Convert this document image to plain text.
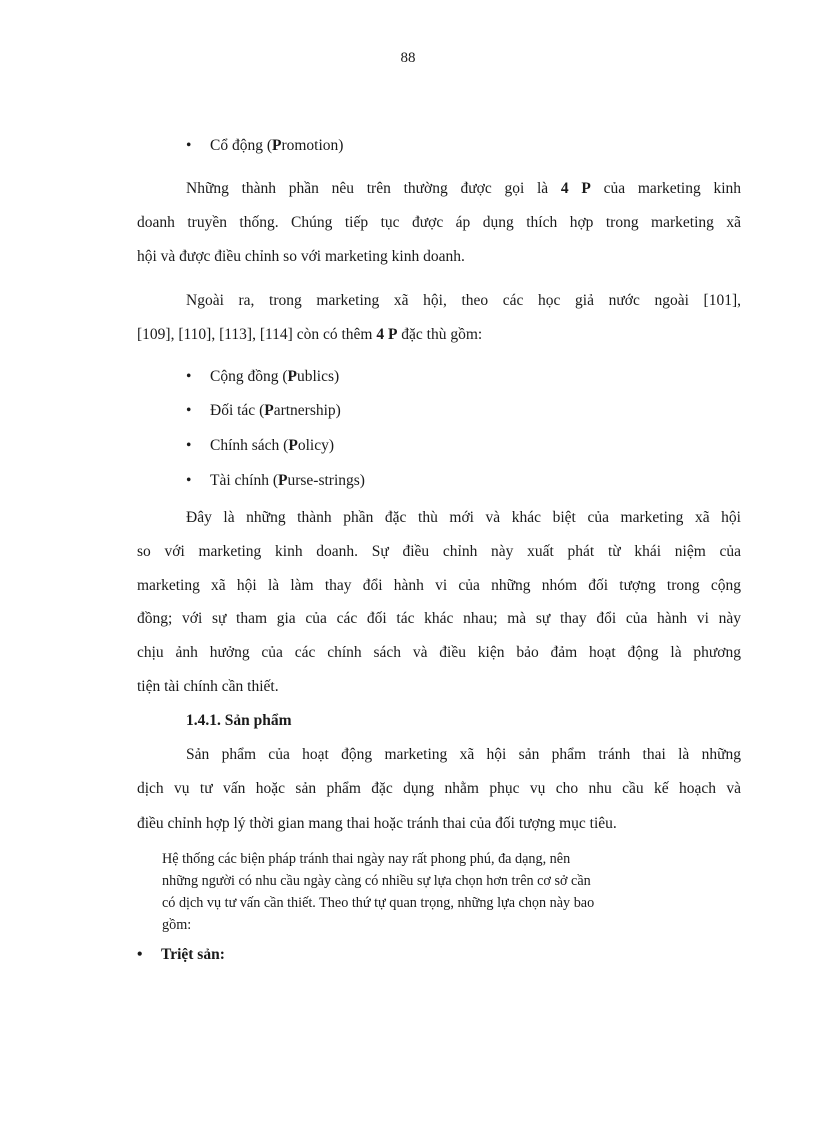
88
• Cổ động (Promotion)
Những thành phần nêu trên thường được gọi là 4 P của marketing kinh
doanh truyền thống. Chúng tiếp tục được áp dụng thích hợp trong marketing xã
hội và được điều chỉnh so với marketing kinh doanh.
Ngoài ra, trong marketing xã hội, theo các học giả nước ngoài [101],
[109], [110], [113], [114] còn có thêm 4 P đặc thù gồm:
• Cộng đồng (Publics)
• Đối tác (Partnership)
• Chính sách (Policy)
• Tài chính (Purse-strings)
Đây là những thành phần đặc thù mới và khác biệt của marketing xã hội
so với marketing kinh doanh. Sự điều chỉnh này xuất phát từ khái niệm của
marketing xã hội là làm thay đổi hành vi của những nhóm đối tượng trong cộng
đồng; với sự tham gia của các đối tác khác nhau; mà sự thay đổi của hành vi này
chịu ảnh hưởng của các chính sách và điều kiện bảo đảm hoạt động là phương
tiện tài chính cần thiết.
1.4.1. Sản phẩm
Sản phẩm của hoạt động marketing xã hội sản phẩm tránh thai là những
dịch vụ tư vấn hoặc sản phẩm đặc dụng nhằm phục vụ cho nhu cầu kế hoạch và
điều chỉnh hợp lý thời gian mang thai hoặc tránh thai của đối tượng mục tiêu.
Hệ thống các biện pháp tránh thai ngày nay rất phong phú, đa dạng, nên
những người có nhu cầu ngày càng có nhiều sự lựa chọn hơn trên cơ sở cần
có dịch vụ tư vấn cần thiết. Theo thứ tự quan trọng, những lựa chọn này bao
gồm:
• Triệt sản:
